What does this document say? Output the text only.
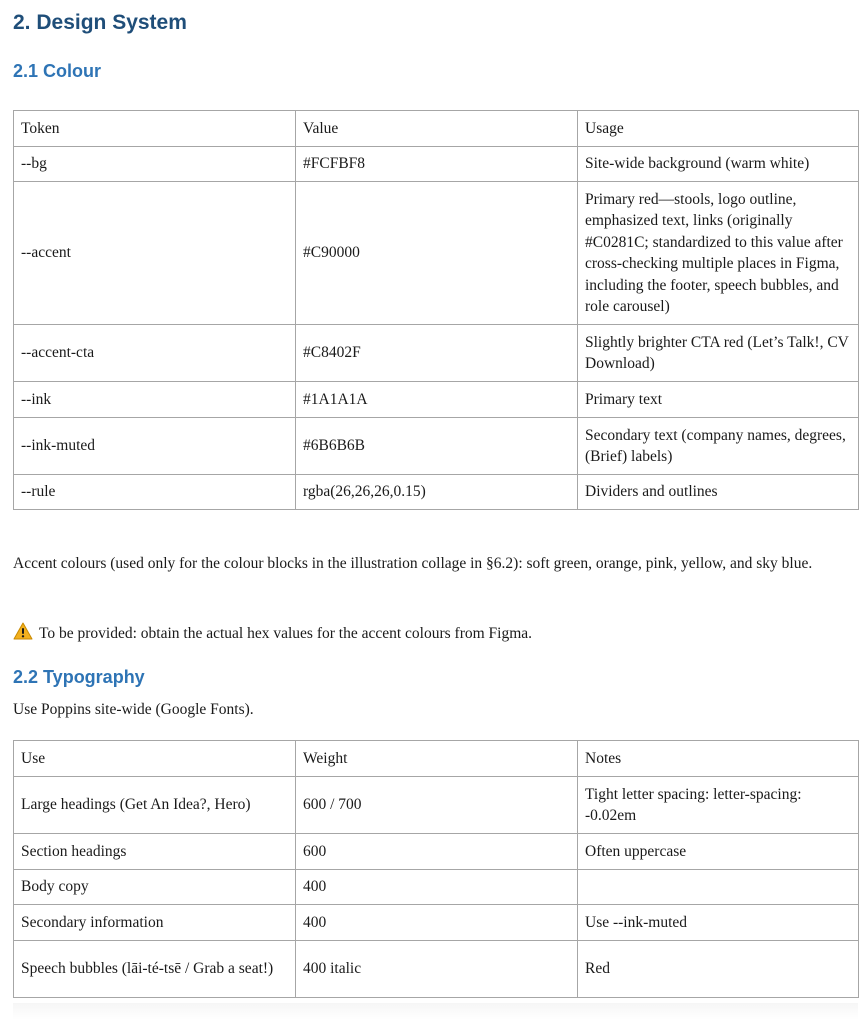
2. Design System
2.1 Colour
Token	Value	Usage
--bg	#FCFBF8	Site-wide background (warm white)
--accent	#C90000	Primary red—stools, logo outline, emphasized text, links (originally #C0281C; standardized to this value after cross-checking multiple places in Figma, including the footer, speech bubbles, and role carousel)
--accent-cta	#C8402F	Slightly brighter CTA red (Let’s Talk!, CV Download)
--ink	#1A1A1A	Primary text
--ink-muted	#6B6B6B	Secondary text (company names, degrees, (Brief) labels)
--rule	rgba(26,26,26,0.15)	Dividers and outlines

Accent colours (used only for the colour blocks in the illustration collage in §6.2): soft green, orange, pink, yellow, and sky blue.

To be provided: obtain the actual hex values for the accent colours from Figma.

2.2 Typography

Use Poppins site-wide (Google Fonts).

Use	Weight	Notes
Large headings (Get An Idea?, Hero)	600 / 700	Tight letter spacing: letter-spacing: -0.02em
Section headings	600	Often uppercase
Body copy	400	
Secondary information	400	Use --ink-muted
Speech bubbles (lāi-té-tsē / Grab a seat!)	400 italic	Red
